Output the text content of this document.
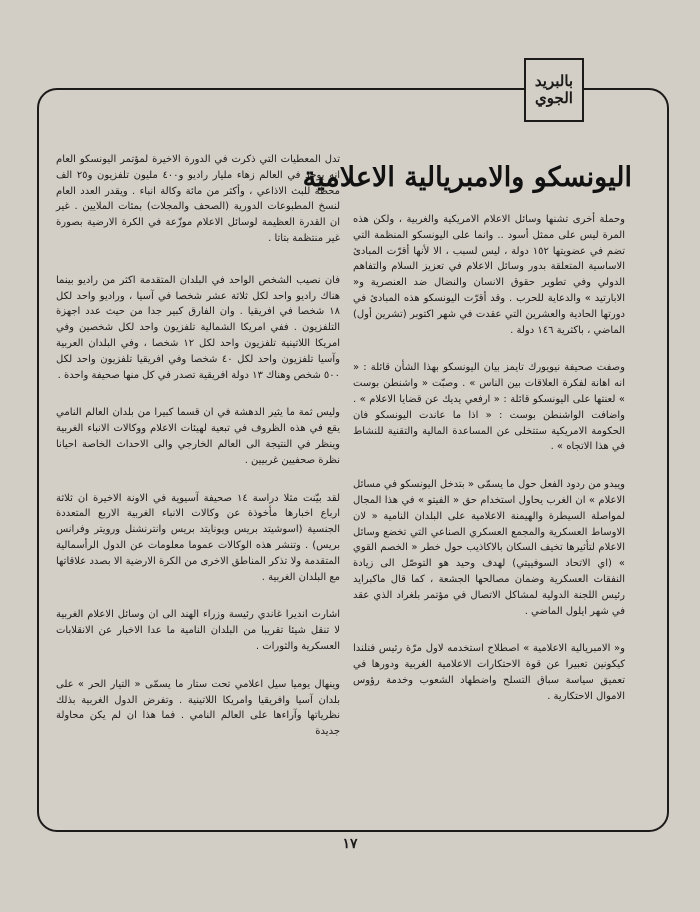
بالبريد
الجوي
اليونسكو والامبريالية الاعلامية

وحملة أخرى تشنها وسائل الاعلام الامريكية والغربية ، ولكن هذه المرة ليس على ممثل أسود .. وانما على اليونسكو المنظمة التي تضم في عضويتها ١٥٢ دولة ، ليس لسبب ، الا لأنها أقرّت المبادئ الاساسية المتعلقة بدور وسائل الاعلام في تعزيز السلام والتفاهم الدولي وفي تطوير حقوق الانسان والنضال ضد العنصرية و« الابارتيد » والدعاية للحرب . وقد أقرّت اليونسكو هذه المبادئ في دورتها الحادية والعشرين التي عقدت في شهر اكتوبر (تشرين أول) الماضي ، باكثرية ١٤٦ دولة .

وصفت صحيفة نيويورك تايمز بيان اليونسكو بهذا الشأن قائلة : « انه اهانة لفكرة العلاقات بين الناس » . وصبّت « واشنطن بوست » لعنتها على اليونسكو قائلة : « ارفعي يديك عن قضايا الاعلام » . واضافت الواشنطن بوست : « اذا ما عاندت اليونسكو فان الحكومة الامريكية ستتخلى عن المساعدة المالية والتقنية للنشاط في هذا الاتجاه » .

ويبدو من ردود الفعل حول ما يسمّى « بتدخل اليونسكو في مسائل الاعلام » ان الغرب يحاول استخدام حق « الفيتو » في هذا المجال لمواصلة السيطرة والهيمنة الاعلامية على البلدان النامية « لان الاوساط العسكرية والمجمع العسكري الصناعي التي تخضع وسائل الاعلام لتأثيرها تخيف السكان بالاكاذيب حول خطر « الخصم القوي » (اي الاتحاد السوفييتي) لهدف وحيد هو التوصّل الى زيادة النفقات العسكرية وضمان مصالحها الجشعة ، كما قال ماكبرايد رئيس اللجنة الدولية لمشاكل الاتصال في مؤتمر بلغراد الذي عقد في شهر ايلول الماضي .

و« الامبريالية الاعلامية » اصطلاح استخدمه لاول مرّة رئيس فنلندا كيكونين تعبيرا عن قوة الاحتكارات الاعلامية الغربية ودورها في تعميق سياسة سباق التسلح واضطهاد الشعوب وخدمة رؤوس الاموال الاحتكارية .

تدل المعطيات التي ذكرت في الدورة الاخيرة لمؤتمر اليونسكو العام انه يوجد في العالم زهاء مليار راديو و٤٠٠ مليون تلفزيون و٢٥ الف محطة للبث الاذاعي ، وأكثر من مائة وكالة انباء . ويقدر العدد العام لنسخ المطبوعات الدورية (الصحف والمجلات) بمئات الملايين . غير ان القدرة العظيمة لوسائل الاعلام موزّعة في الكرة الارضية بصورة غير منتظمة بتاتا .

فان نصيب الشخص الواحد في البلدان المتقدمة اكثر من راديو بينما هناك راديو واحد لكل ثلاثة عشر شخصا في آسيا ، وراديو واحد لكل ١٨ شخصا في افريقيا . وان الفارق كبير جدا من حيث عدد اجهزة التلفزيون . ففي امريكا الشمالية تلفزيون واحد لكل شخصين وفي امريكا اللاتينية تلفزيون واحد لكل ١٢ شخصا ، وفي البلدان العربية وآسيا تلفزيون واحد لكل ٤٠ شخصا وفي افريقيا تلفزيون واحد لكل ٥٠٠ شخص وهناك ١٣ دولة افريقية تصدر في كل منها صحيفة واحدة .

وليس ثمة ما يثير الدهشة في ان قسما كبيرا من بلدان العالم النامي يقع في هذه الظروف في تبعية لهيئات الاعلام ووكالات الانباء الغربية وينظر في النتيجة الى العالم الخارجي والى الاحداث الخاصة احيانا نظرة صحفيين غربيين .

لقد بيّنت مثلا دراسة ١٤ صحيفة آسيوية في الاونة الاخيرة ان ثلاثة ارباع اخبارها مأخوذة عن وكالات الانباء الغربية الاربع المتعددة الجنسية (اسوشيتد بريس ويونايتد بريس وانترنشنل ورويتر وفرانس بريس) . وتنشر هذه الوكالات عموما معلومات عن الدول الرأسمالية المتقدمة ولا تذكر المناطق الاخرى من الكرة الارضية الا بصدد علاقاتها مع البلدان الغربية .

اشارت انديرا غاندي رئيسة وزراء الهند الى ان وسائل الاعلام الغربية لا تنقل شيئا تقريبا من البلدان النامية ما عدا الاخبار عن الانقلابات العسكرية والثورات .

وينهال يوميا سيل اعلامي تحت ستار ما يسمّى « التيار الحر » على بلدان آسيا وافريقيا وامريكا اللاتينية . وتفرض الدول الغربية بذلك نظرياتها وآراءها على العالم النامي . فما هذا ان لم يكن محاولة جديدة

١٧
